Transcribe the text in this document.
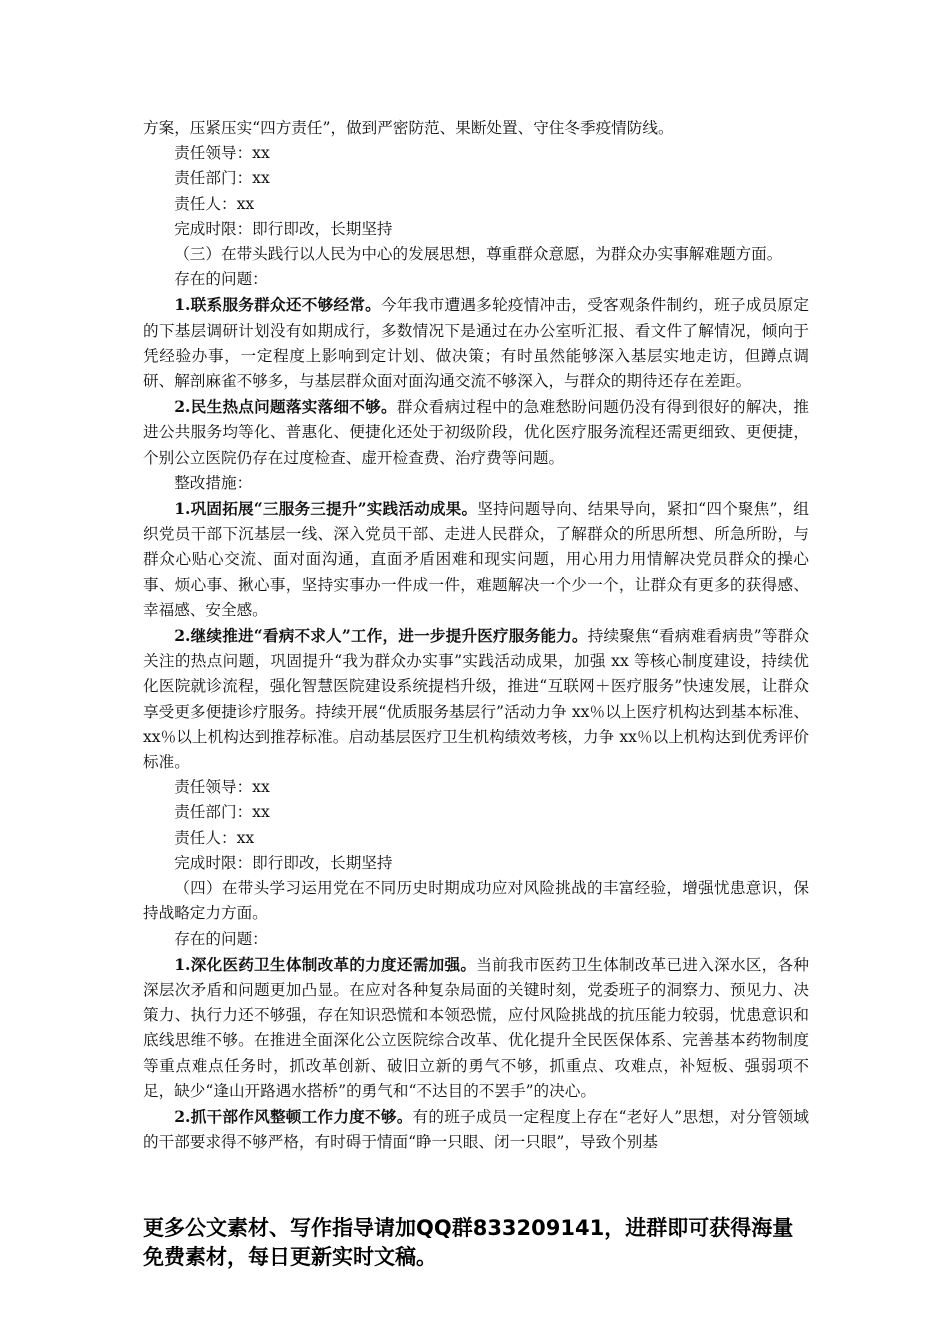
方案，压紧压实“四方责任”，做到严密防范、果断处置、守住冬季疫情防线。

责任领导：xx

责任部门：xx

责任人：xx

完成时限：即行即改，长期坚持

（三）在带头践行以人民为中心的发展思想，尊重群众意愿，为群众办实事解难题方面。

存在的问题：

1.联系服务群众还不够经常。今年我市遭遇多轮疫情冲击，受客观条件制约，班子成员原定的下基层调研计划没有如期成行，多数情况下是通过在办公室听汇报、看文件了解情况，倾向于凭经验办事，一定程度上影响到定计划、做决策；有时虽然能够深入基层实地走访，但蹲点调研、解剖麻雀不够多，与基层群众面对面沟通交流不够深入，与群众的期待还存在差距。

2.民生热点问题落实落细不够。群众看病过程中的急难愁盼问题仍没有得到很好的解决，推进公共服务均等化、普惠化、便捷化还处于初级阶段，优化医疗服务流程还需更细致、更便捷，个别公立医院仍存在过度检查、虚开检查费、治疗费等问题。

整改措施：

1.巩固拓展“三服务三提升”实践活动成果。坚持问题导向、结果导向，紧扣“四个聚焦”，组织党员干部下沉基层一线、深入党员干部、走进人民群众，了解群众的所思所想、所急所盼，与群众心贴心交流、面对面沟通，直面矛盾困难和现实问题，用心用力用情解决党员群众的操心事、烦心事、揪心事，坚持实事办一件成一件，难题解决一个少一个，让群众有更多的获得感、幸福感、安全感。

2.继续推进“看病不求人”工作，进一步提升医疗服务能力。持续聚焦“看病难看病贵”等群众关注的热点问题，巩固提升“我为群众办实事”实践活动成果，加强 xx 等核心制度建设，持续优化医院就诊流程，强化智慧医院建设系统提档升级，推进“互联网＋医疗服务”快速发展，让群众享受更多便捷诊疗服务。持续开展“优质服务基层行”活动力争 xx％以上医疗机构达到基本标准、xx％以上机构达到推荐标准。启动基层医疗卫生机构绩效考核，力争 xx％以上机构达到优秀评价标准。

责任领导：xx

责任部门：xx

责任人：xx

完成时限：即行即改，长期坚持

（四）在带头学习运用党在不同历史时期成功应对风险挑战的丰富经验，增强忧患意识，保持战略定力方面。

存在的问题：

1.深化医药卫生体制改革的力度还需加强。当前我市医药卫生体制改革已进入深水区，各种深层次矛盾和问题更加凸显。在应对各种复杂局面的关键时刻，党委班子的洞察力、预见力、决策力、执行力还不够强，存在知识恐慌和本领恐慌，应付风险挑战的抗压能力较弱，忧患意识和底线思维不够。在推进全面深化公立医院综合改革、优化提升全民医保体系、完善基本药物制度等重点难点任务时，抓改革创新、破旧立新的勇气不够，抓重点、攻难点，补短板、强弱项不足，缺少“逢山开路遇水搭桥”的勇气和“不达目的不罢手”的决心。

2.抓干部作风整顿工作力度不够。有的班子成员一定程度上存在“老好人”思想，对分管领域的干部要求得不够严格，有时碍于情面“睁一只眼、闭一只眼”，导致个别基

更多公文素材、写作指导请加QQ群833209141，进群即可获得海量免费素材，每日更新实时文稿。
